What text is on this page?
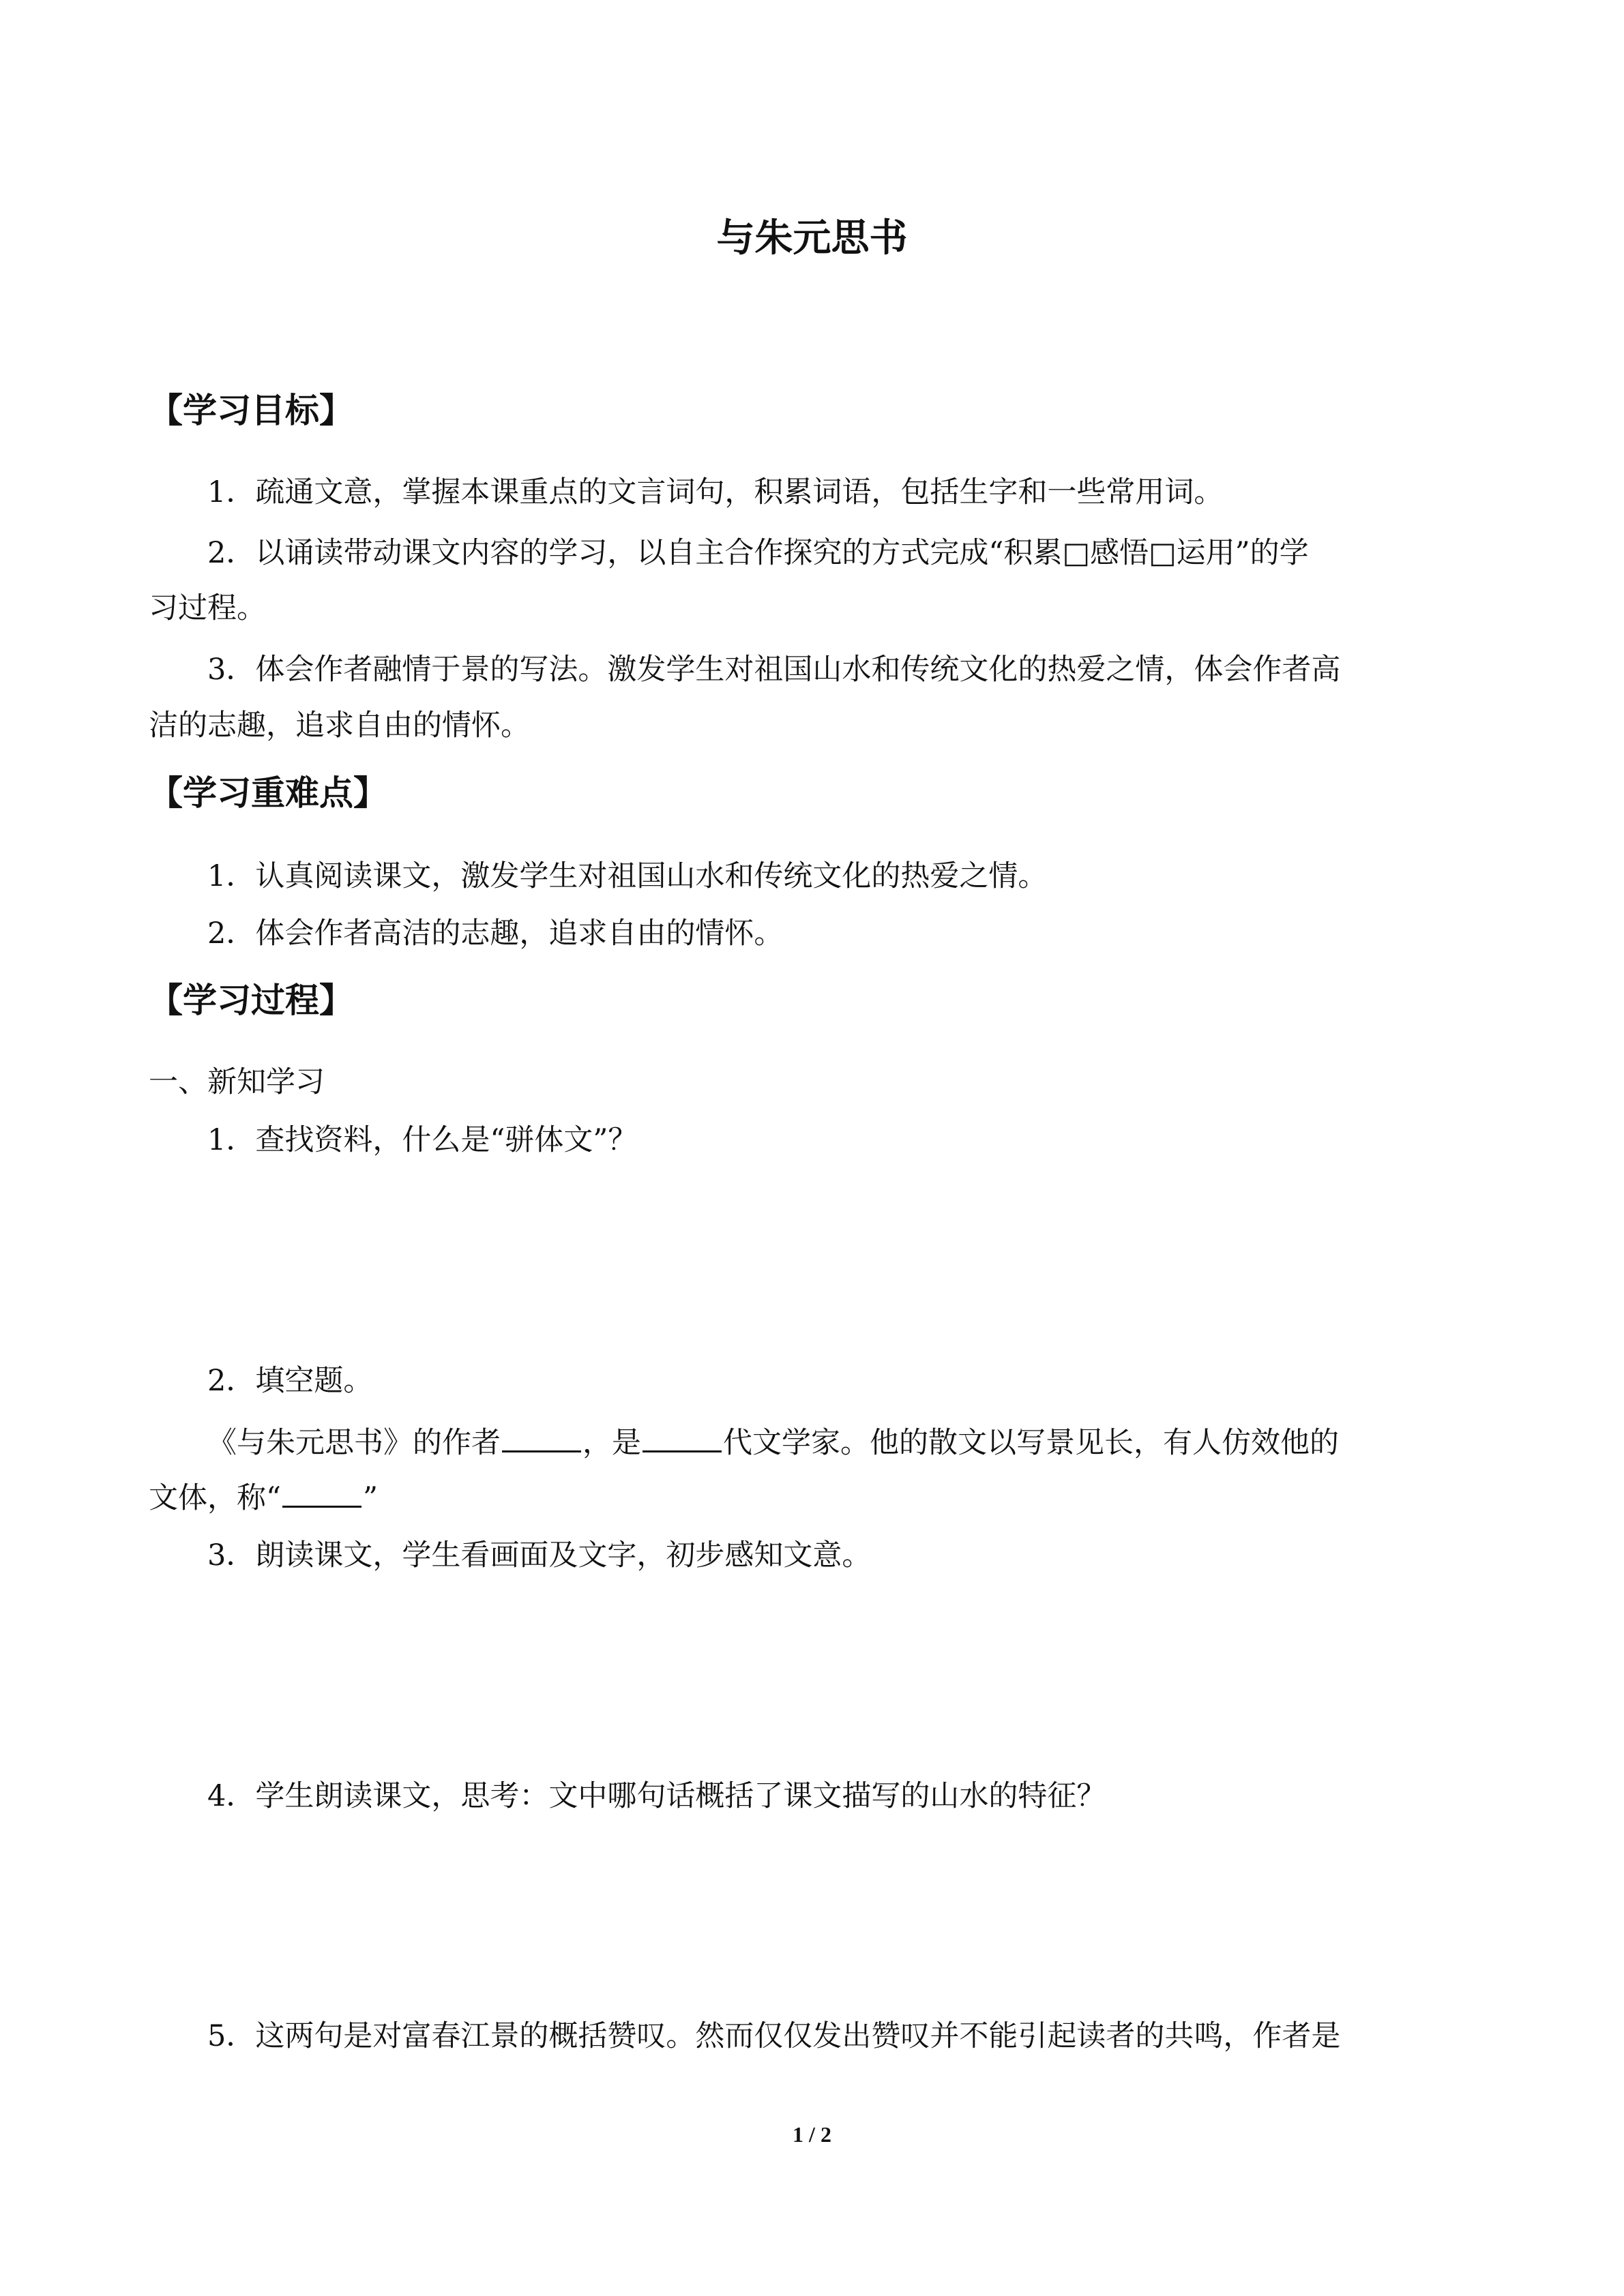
与朱元思书
【学习目标】
1．疏通文意，掌握本课重点的文言词句，积累词语，包括生字和一些常用词。
2．以诵读带动课文内容的学习，以自主合作探究的方式完成“积累□感悟□运用”的学
习过程。
3．体会作者融情于景的写法。激发学生对祖国山水和传统文化的热爱之情，体会作者高
洁的志趣，追求自由的情怀。
【学习重难点】
1．认真阅读课文，激发学生对祖国山水和传统文化的热爱之情。
2．体会作者高洁的志趣，追求自由的情怀。
【学习过程】
一、新知学习
1．查找资料，什么是“骈体文”？
2．填空题。
《与朱元思书》的作者	，是	代文学家。他的散文以写景见长，有人仿效他的
文体，称“	”
3．朗读课文，学生看画面及文字，初步感知文意。
4．学生朗读课文，思考：文中哪句话概括了课文描写的山水的特征？
5．这两句是对富春江景的概括赞叹。然而仅仅发出赞叹并不能引起读者的共鸣，作者是
1 / 2
